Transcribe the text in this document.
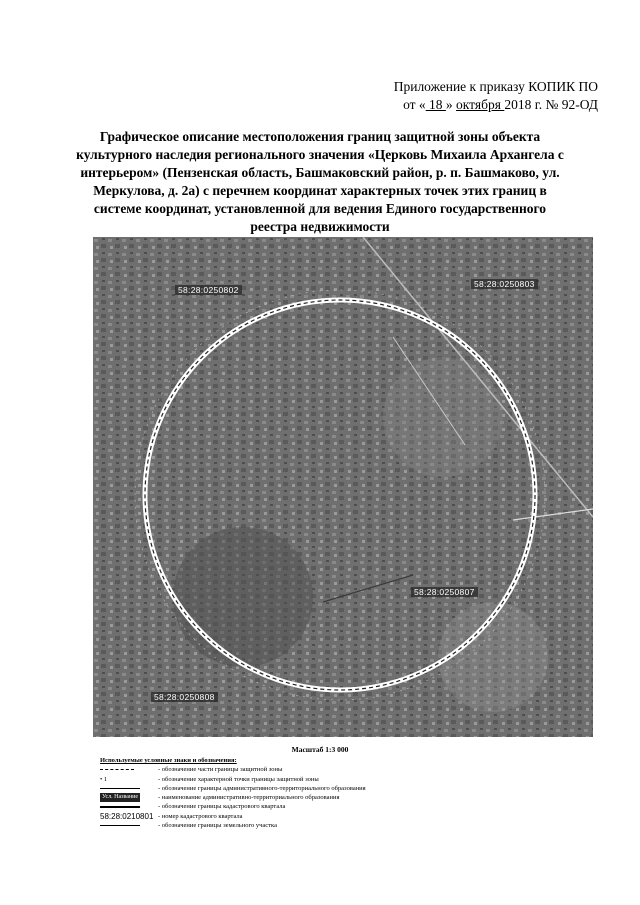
Приложение к приказу КОПИК ПО
от « 18 » октября 2018 г. № 92-ОД
Графическое описание местоположения границ защитной зоны объекта культурного наследия регионального значения «Церковь Михаила Архангела с интерьером» (Пензенская область, Башмаковский район, р. п. Башмаково, ул. Меркулова, д. 2а) с перечнем координат характерных точек этих границ в системе координат, установленной для ведения Единого государственного реестра недвижимости
58:28:0250802
58:28:0250803
58:28:0250807
58:28:0250808
Масштаб 1:3 000
Используемые условные знаки и обозначения:
- обозначение части границы защитной зоны
• 1	- обозначение характерной точки границы защитной зоны
- обозначение границы административного-территориального образования
Усл. Название	- наименование административно-территориального образования
- обозначение границы кадастрового квартала
58:28:0210801 - номер кадастрового квартала
- обозначение границы земельного участка
